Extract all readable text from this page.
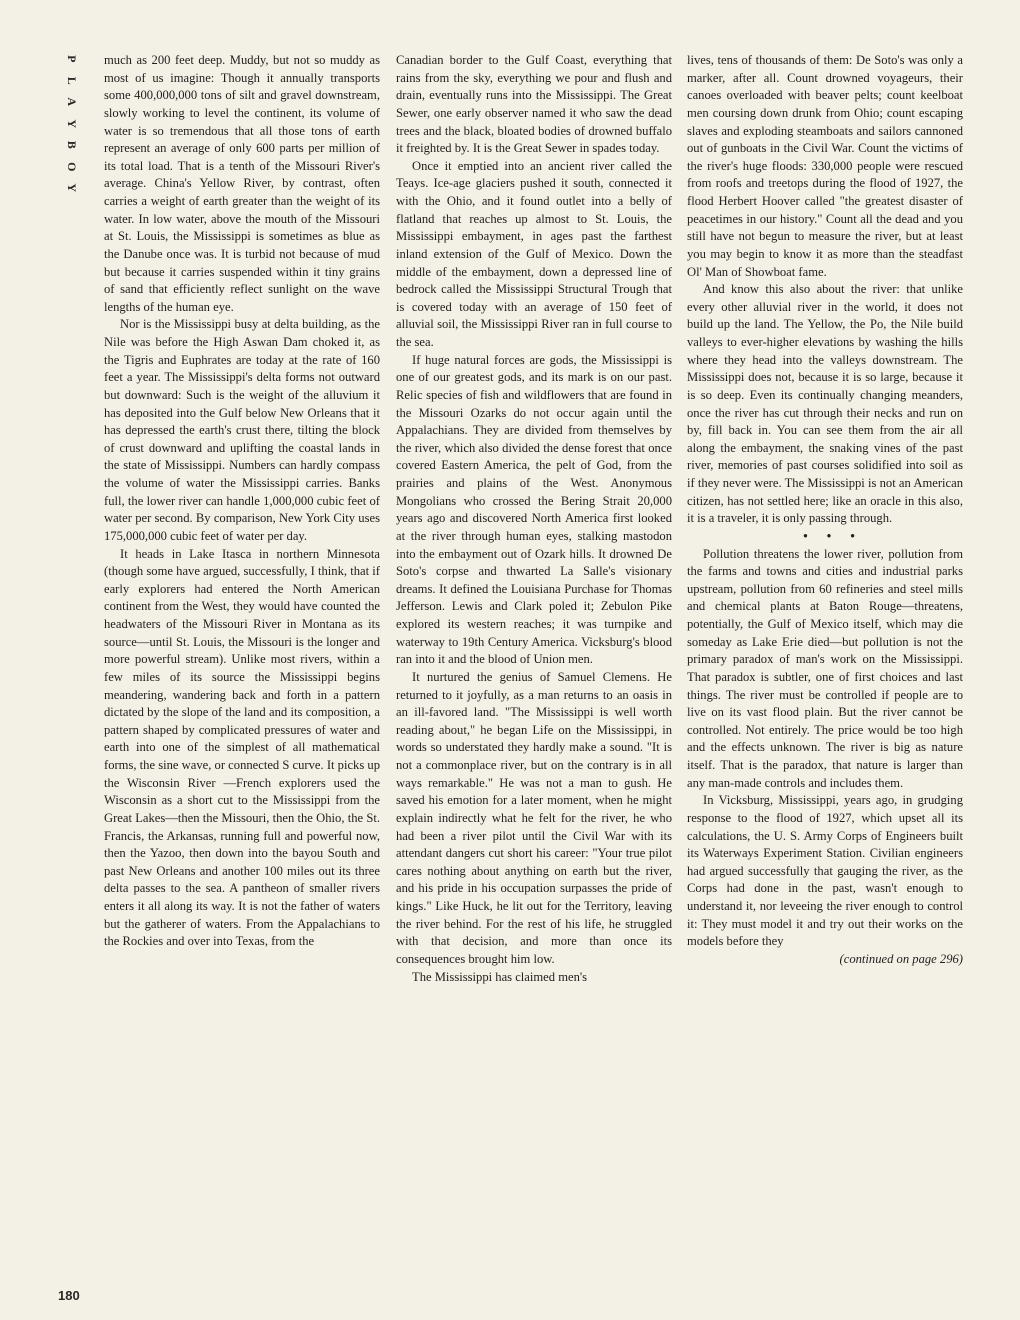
P
L
A
Y
B
O
Y
180

much as 200 feet deep. Muddy, but not so muddy as most of us imagine: Though it annually transports some 400,000,000 tons of silt and gravel downstream, slowly working to level the continent, its volume of water is so tremendous that all those tons of earth represent an average of only 600 parts per million of its total load. That is a tenth of the Missouri River's average. China's Yellow River, by contrast, often carries a weight of earth greater than the weight of its water. In low water, above the mouth of the Missouri at St. Louis, the Mississippi is sometimes as blue as the Danube once was. It is turbid not because of mud but because it carries suspended within it tiny grains of sand that efficiently reflect sunlight on the wave lengths of the human eye.

Nor is the Mississippi busy at delta building, as the Nile was before the High Aswan Dam choked it, as the Tigris and Euphrates are today at the rate of 160 feet a year. The Mississippi's delta forms not outward but downward: Such is the weight of the alluvium it has deposited into the Gulf below New Orleans that it has depressed the earth's crust there, tilting the block of crust downward and uplifting the coastal lands in the state of Mississippi. Numbers can hardly compass the volume of water the Mississippi carries. Banks full, the lower river can handle 1,000,000 cubic feet of water per second. By comparison, New York City uses 175,000,000 cubic feet of water per day.

It heads in Lake Itasca in northern Minnesota (though some have argued, successfully, I think, that if early explorers had entered the North American continent from the West, they would have counted the headwaters of the Missouri River in Montana as its source—until St. Louis, the Missouri is the longer and more powerful stream). Unlike most rivers, within a few miles of its source the Mississippi begins meandering, wandering back and forth in a pattern dictated by the slope of the land and its composition, a pattern shaped by complicated pressures of water and earth into one of the simplest of all mathematical forms, the sine wave, or connected S curve. It picks up the Wisconsin River —French explorers used the Wisconsin as a short cut to the Mississippi from the Great Lakes—then the Missouri, then the Ohio, the St. Francis, the Arkansas, running full and powerful now, then the Yazoo, then down into the bayou South and past New Orleans and another 100 miles out its three delta passes to the sea. A pantheon of smaller rivers enters it all along its way. It is not the father of waters but the gatherer of waters. From the Appalachians to the Rockies and over into Texas, from the

Canadian border to the Gulf Coast, everything that rains from the sky, everything we pour and flush and drain, eventually runs into the Mississippi. The Great Sewer, one early observer named it who saw the dead trees and the black, bloated bodies of drowned buffalo it freighted by. It is the Great Sewer in spades today.

Once it emptied into an ancient river called the Teays. Ice-age glaciers pushed it south, connected it with the Ohio, and it found outlet into a belly of flatland that reaches up almost to St. Louis, the Mississippi embayment, in ages past the farthest inland extension of the Gulf of Mexico. Down the middle of the embayment, down a depressed line of bedrock called the Mississippi Structural Trough that is covered today with an average of 150 feet of alluvial soil, the Mississippi River ran in full course to the sea.

If huge natural forces are gods, the Mississippi is one of our greatest gods, and its mark is on our past. Relic species of fish and wildflowers that are found in the Missouri Ozarks do not occur again until the Appalachians. They are divided from themselves by the river, which also divided the dense forest that once covered Eastern America, the pelt of God, from the prairies and plains of the West. Anonymous Mongolians who crossed the Bering Strait 20,000 years ago and discovered North America first looked at the river through human eyes, stalking mastodon into the embayment out of Ozark hills. It drowned De Soto's corpse and thwarted La Salle's visionary dreams. It defined the Louisiana Purchase for Thomas Jefferson. Lewis and Clark poled it; Zebulon Pike explored its western reaches; it was turnpike and waterway to 19th Century America. Vicksburg's blood ran into it and the blood of Union men.

It nurtured the genius of Samuel Clemens. He returned to it joyfully, as a man returns to an oasis in an ill-favored land. "The Mississippi is well worth reading about," he began Life on the Mississippi, in words so understated they hardly make a sound. "It is not a commonplace river, but on the contrary is in all ways remarkable." He was not a man to gush. He saved his emotion for a later moment, when he might explain indirectly what he felt for the river, he who had been a river pilot until the Civil War with its attendant dangers cut short his career: "Your true pilot cares nothing about anything on earth but the river, and his pride in his occupation surpasses the pride of kings." Like Huck, he lit out for the Territory, leaving the river behind. For the rest of his life, he struggled with that decision, and more than once its consequences brought him low.

The Mississippi has claimed men's

lives, tens of thousands of them: De Soto's was only a marker, after all. Count drowned voyageurs, their canoes overloaded with beaver pelts; count keelboat men coursing down drunk from Ohio; count escaping slaves and exploding steamboats and sailors cannoned out of gunboats in the Civil War. Count the victims of the river's huge floods: 330,000 people were rescued from roofs and treetops during the flood of 1927, the flood Herbert Hoover called "the greatest disaster of peacetimes in our history." Count all the dead and you still have not begun to measure the river, but at least you may begin to know it as more than the steadfast Ol' Man of Showboat fame.

And know this also about the river: that unlike every other alluvial river in the world, it does not build up the land. The Yellow, the Po, the Nile build valleys to ever-higher elevations by washing the hills where they head into the valleys downstream. The Mississippi does not, because it is so large, because it is so deep. Even its continually changing meanders, once the river has cut through their necks and run on by, fill back in. You can see them from the air all along the embayment, the snaking vines of the past river, memories of past courses solidified into soil as if they never were. The Mississippi is not an American citizen, has not settled here; like an oracle in this also, it is a traveler, it is only passing through.

• • •

Pollution threatens the lower river, pollution from the farms and towns and cities and industrial parks upstream, pollution from 60 refineries and steel mills and chemical plants at Baton Rouge—threatens, potentially, the Gulf of Mexico itself, which may die someday as Lake Erie died—but pollution is not the primary paradox of man's work on the Mississippi. That paradox is subtler, one of first choices and last things. The river must be controlled if people are to live on its vast flood plain. But the river cannot be controlled. Not entirely. The price would be too high and the effects unknown. The river is big as nature itself. That is the paradox, that nature is larger than any man-made controls and includes them.

In Vicksburg, Mississippi, years ago, in grudging response to the flood of 1927, which upset all its calculations, the U. S. Army Corps of Engineers built its Waterways Experiment Station. Civilian engineers had argued successfully that gauging the river, as the Corps had done in the past, wasn't enough to understand it, nor leveeing the river enough to control it: They must model it and try out their works on the models before they

(continued on page 296)
